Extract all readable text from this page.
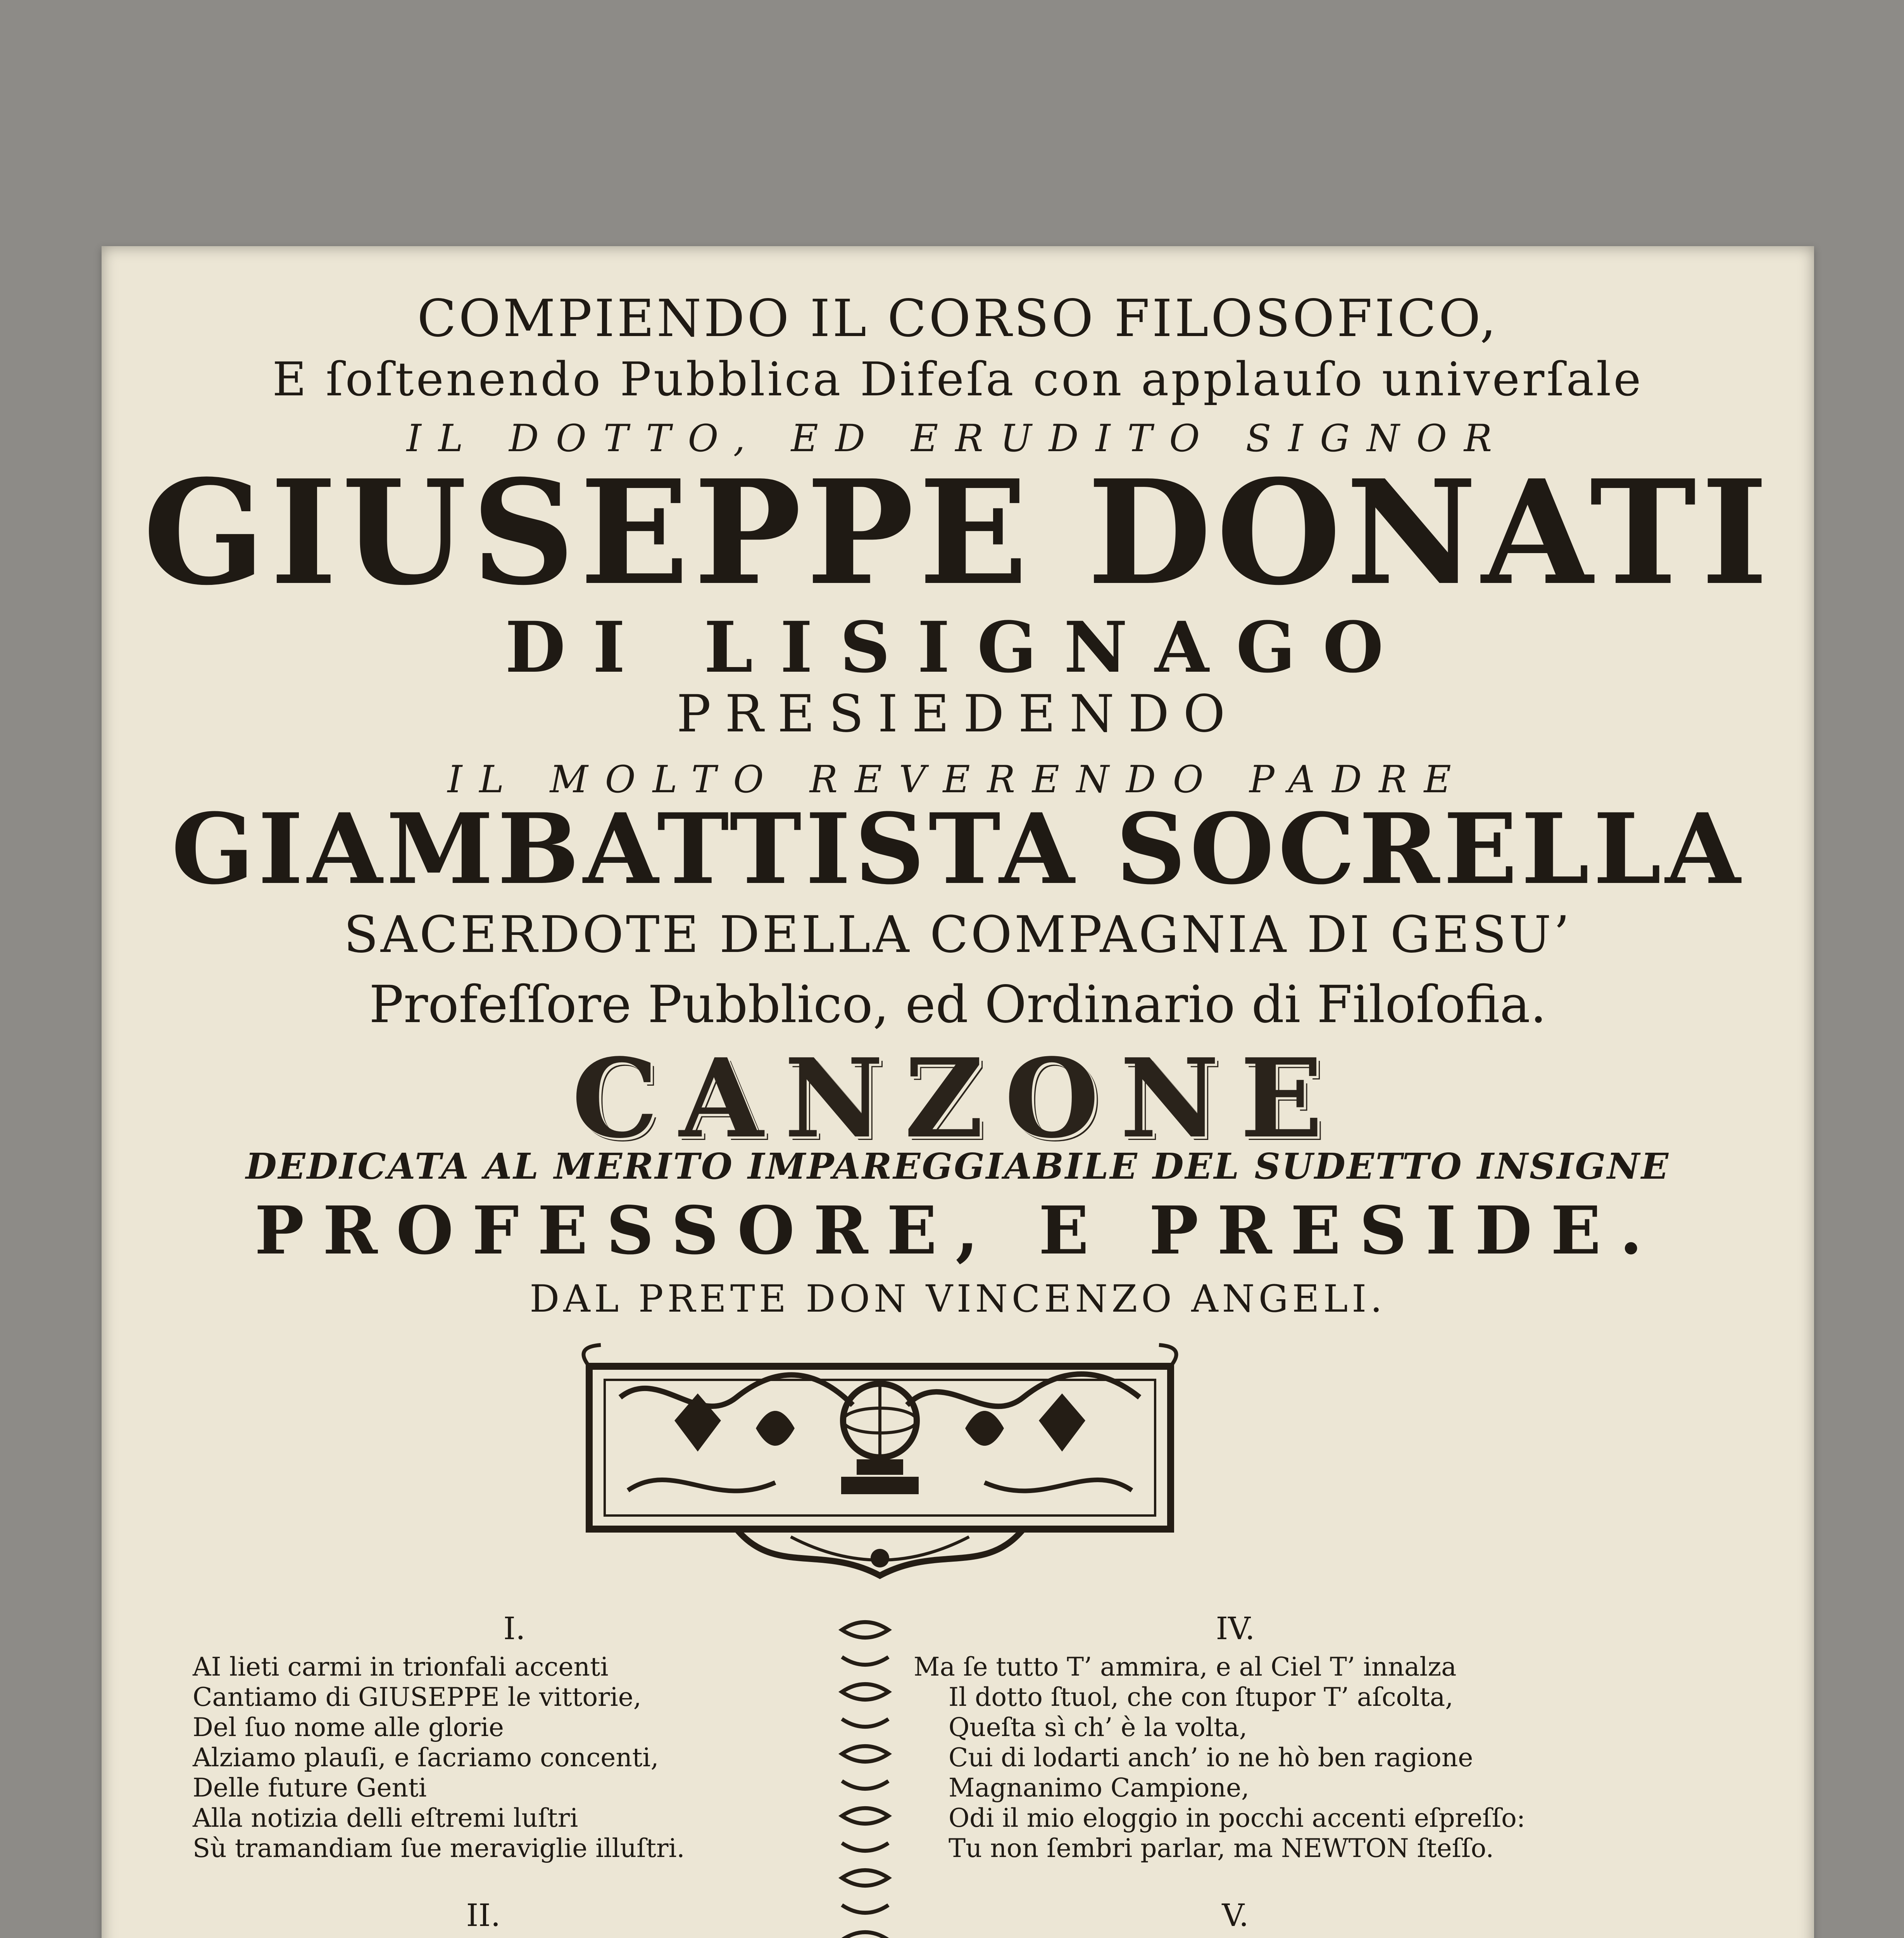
COMPIENDO IL CORSO FILOSOFICO,
E ſoſtenendo Pubblica Difeſa con applauſo univerſale
IL DOTTO, ED ERUDITO SIGNOR
GIUSEPPE DONATI
DI LISIGNAGO
PRESIEDENDO
IL MOLTO REVERENDO PADRE
GIAMBATTISTA SOCRELLA
SACERDOTE DELLA COMPAGNIA DI GESU’
Profeſſore Pubblico, ed Ordinario di Filoſofia.
CANZONE
DEDICATA AL MERITO IMPAREGGIABILE DEL SUDETTO INSIGNE
PROFESSORE, E PRESIDE.
DAL PRETE DON VINCENZO ANGELI.
I.
AI lieti carmi in trionfali accenti
Cantiamo di GIUSEPPE le vittorie,
Del ſuo nome alle glorie
Alziamo plauſi, e ſacriamo concenti,
Delle future Genti
Alla notizia delli eſtremi luſtri
Sù tramandiam ſue meraviglie illuſtri.
II.
IV.
Ma ſe tutto T’ ammira, e al Ciel T’ innalza
Il dotto ſtuol, che con ſtupor T’ aſcolta,
Queſta sì ch’ è la volta,
Cui di lodarti anch’ io ne hò ben ragione
Magnanimo Campione,
Odi il mio eloggio in pocchi accenti eſpreſſo:
Tu non ſembri parlar, ma NEWTON ſteſſo.
V.
